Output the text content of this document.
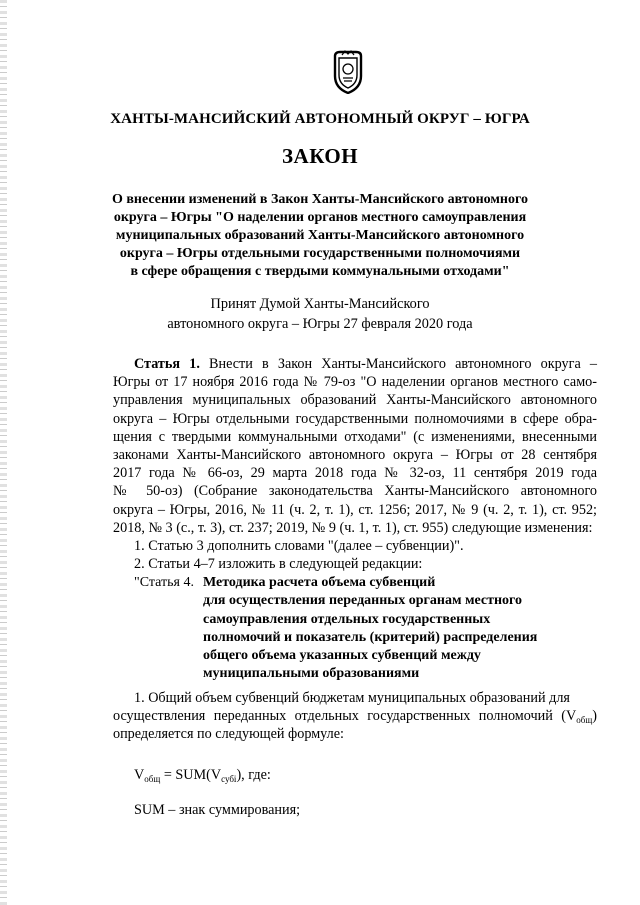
ХАНТЫ-МАНСИЙСКИЙ АВТОНОМНЫЙ ОКРУГ – ЮГРА
ЗАКОН
О внесении изменений в Закон Ханты-Мансийского автономного
округа – Югры "О наделении органов местного самоуправления
муниципальных образований Ханты-Мансийского автономного
округа – Югры отдельными государственными полномочиями
в сфере обращения с твердыми коммунальными отходами"
Принят Думой Ханты-Мансийского
автономного округа – Югры 27 февраля 2020 года
Статья 1. Внести в Закон Ханты-Мансийского автономного округа –
Югры от 17 ноября 2016 года № 79-оз "О наделении органов местного само-
управления муниципальных образований Ханты-Мансийского автономного
округа – Югры отдельными государственными полномочиями в сфере обра-
щения с твердыми коммунальными отходами" (с изменениями, внесенными
законами Ханты-Мансийского автономного округа – Югры от 28 сентября
2017 года № 66-оз, 29 марта 2018 года № 32-оз, 11 сентября 2019 года
№ 50-оз) (Собрание законодательства Ханты-Мансийского автономного
округа – Югры, 2016, № 11 (ч. 2, т. 1), ст. 1256; 2017, № 9 (ч. 2, т. 1), ст. 952;
2018, № 3 (с., т. 3), ст. 237; 2019, № 9 (ч. 1, т. 1), ст. 955) следующие изменения:
1. Статью 3 дополнить словами "(далее – субвенции)".
2. Статьи 4–7 изложить в следующей редакции:
"Статья 4. Методика расчета объема субвенций
для осуществления переданных органам местного
самоуправления отдельных государственных
полномочий и показатель (критерий) распределения
общего объема указанных субвенций между
муниципальными образованиями
1. Общий объем субвенций бюджетам муниципальных образований для
осуществления переданных отдельных государственных полномочий $(V_{общ})$
определяется по следующей формуле:
$V_{общ} = SUM(V_{субi})$, где:
SUM – знак суммирования;
